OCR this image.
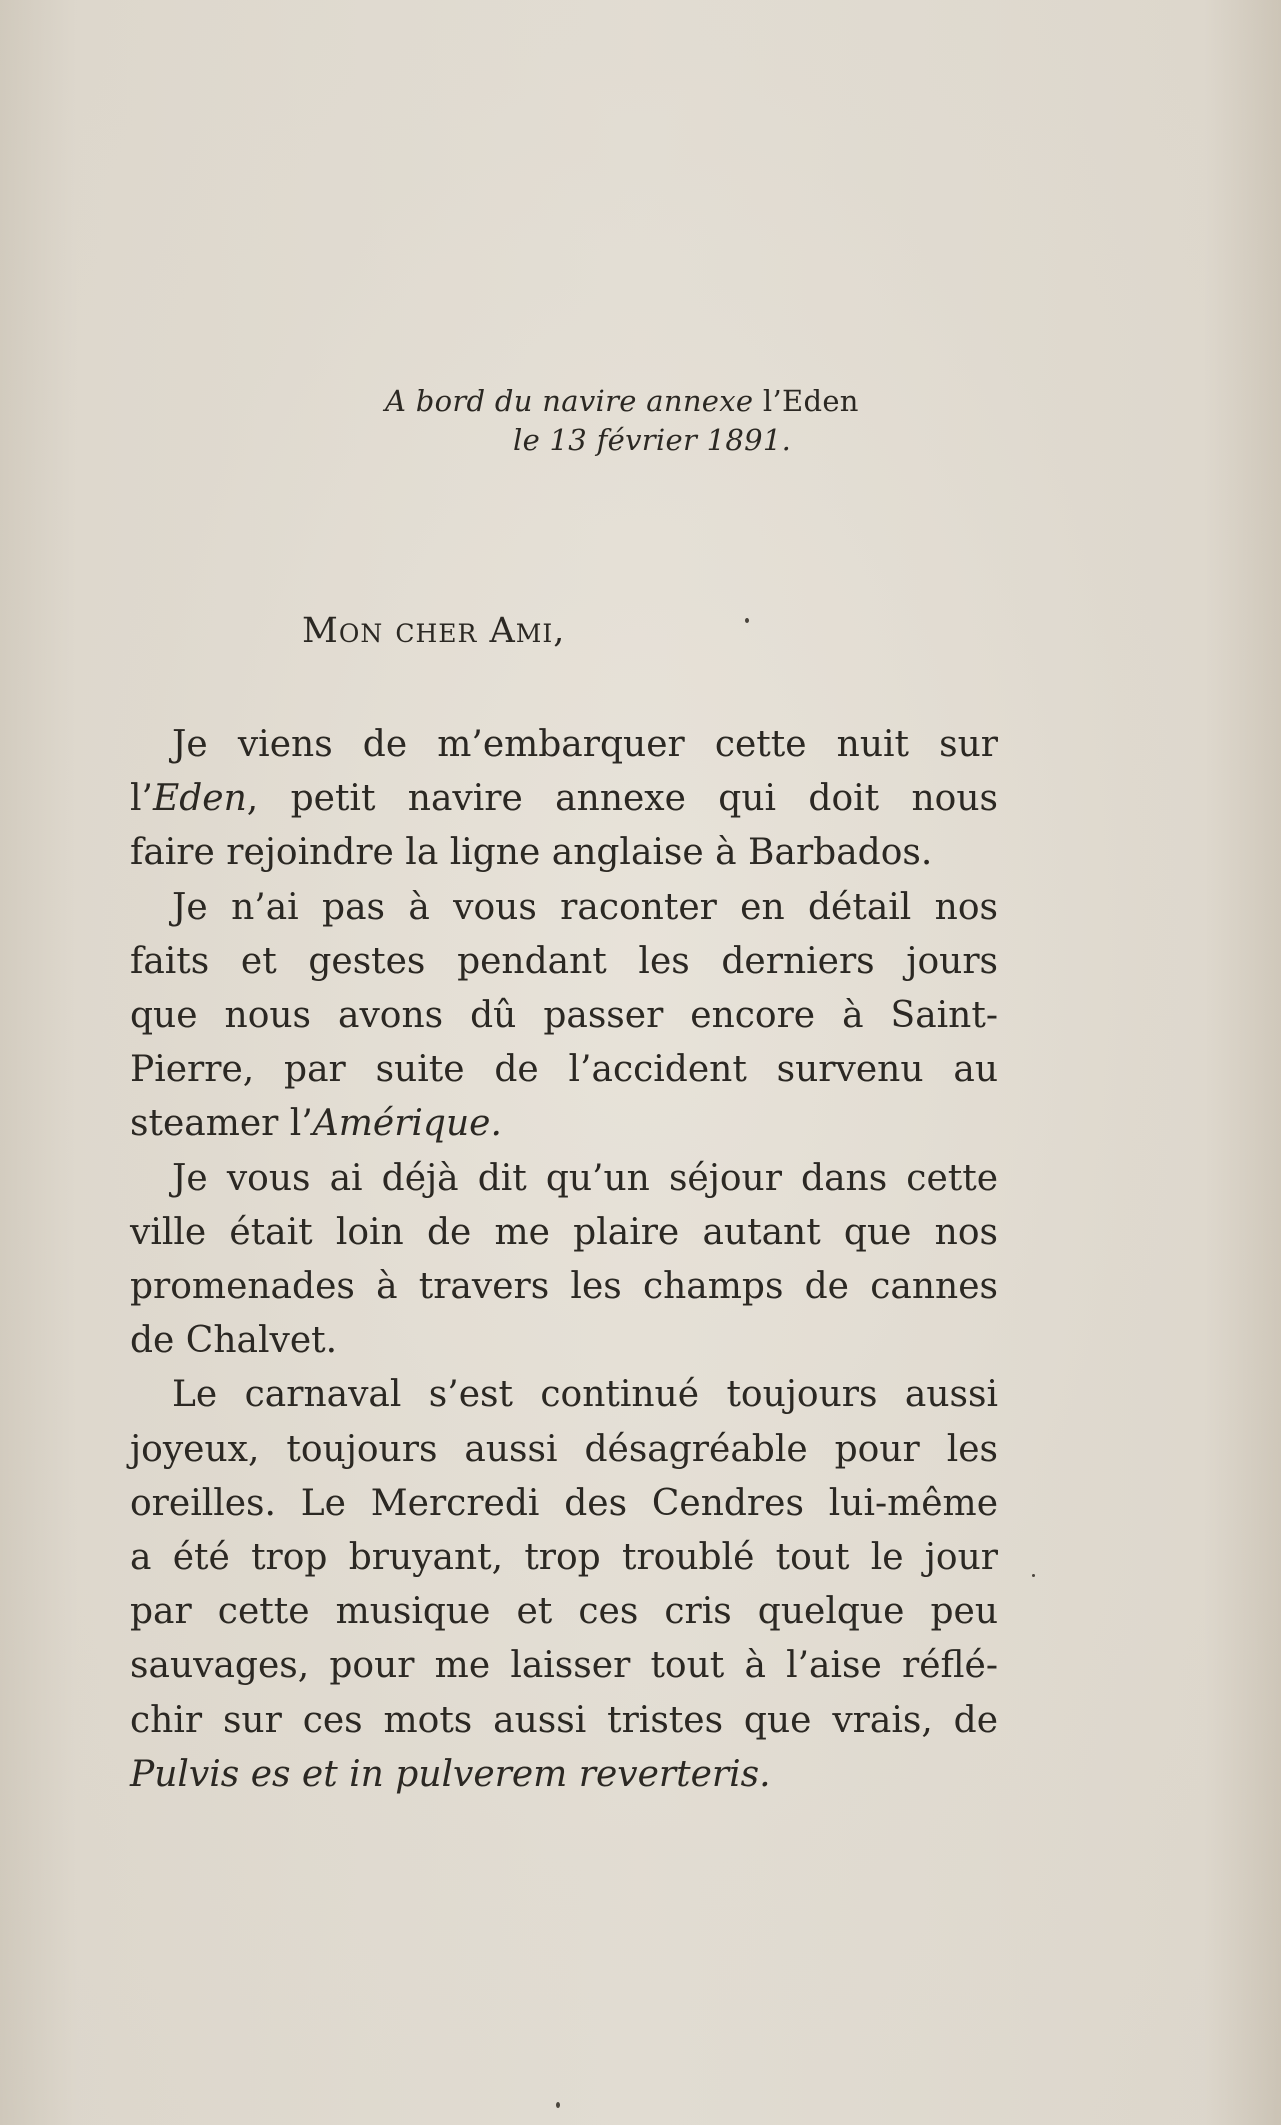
A bord du navire annexe l’Eden
le 13 février 1891.
Mon cher Ami,
Je viens de m’embarquer cette nuit sur
l’Eden, petit navire annexe qui doit nous
faire rejoindre la ligne anglaise à Barbados.
Je n’ai pas à vous raconter en détail nos
faits et gestes pendant les derniers jours
que nous avons dû passer encore à Saint-
Pierre, par suite de l’accident survenu au
steamer l’Amérique.
Je vous ai déjà dit qu’un séjour dans cette
ville était loin de me plaire autant que nos
promenades à travers les champs de cannes
de Chalvet.
Le carnaval s’est continué toujours aussi
joyeux, toujours aussi désagréable pour les
oreilles. Le Mercredi des Cendres lui-même
a été trop bruyant, trop troublé tout le jour
par cette musique et ces cris quelque peu
sauvages, pour me laisser tout à l’aise réflé-
chir sur ces mots aussi tristes que vrais, de
Pulvis es et in pulverem reverteris.
